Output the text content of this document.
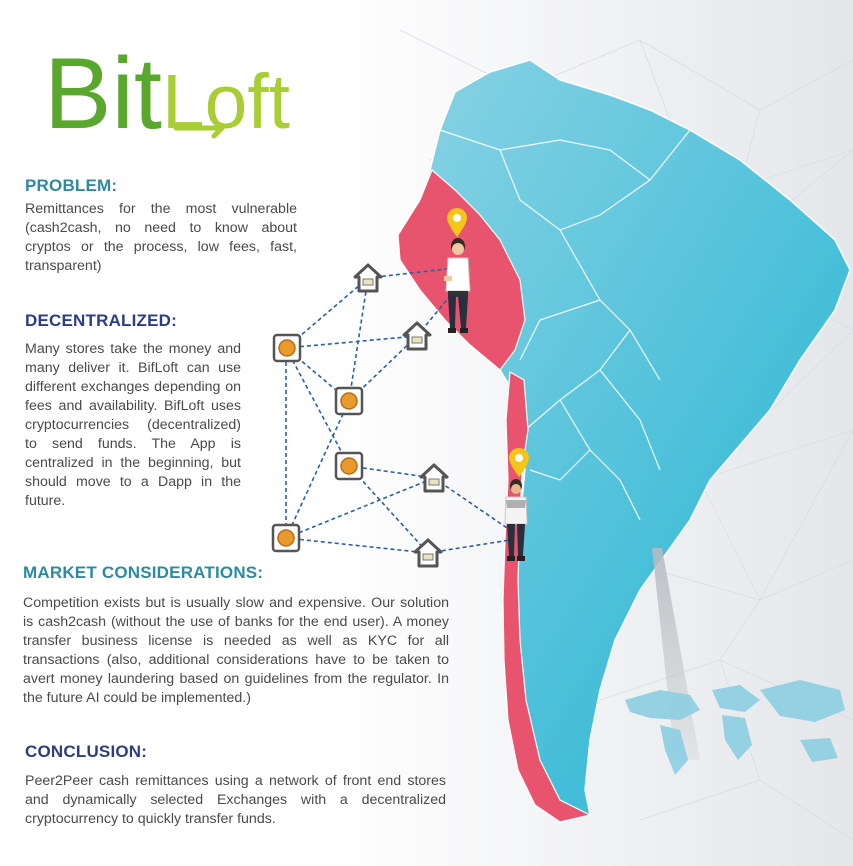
PROBLEM:

Remittances for the most vulnerable (cash2cash, no need to know about cryptos or the process, low fees, fast, transparent)

DECENTRALIZED:

Many stores take the money and many deliver it. BifLoft can use different exchanges depending on fees and availability. BifLoft uses cryptocurrencies (decentralized) to send funds. The App is centralized in the beginning, but should move to a Dapp in the future.

MARKET CONSIDERATIONS:

Competition exists but is usually slow and expensive. Our solution is cash2cash (without the use of banks for the end user). A money transfer business license is needed as well as KYC for all transactions (also, additional considerations have to be taken to avert money laundering based on guidelines from the regulator. In the future AI could be implemented.)

CONCLUSION:

Peer2Peer cash remittances using a network of front end stores and dynamically selected Exchanges with a decentralized cryptocurrency to quickly transfer funds.

Bit Loft
